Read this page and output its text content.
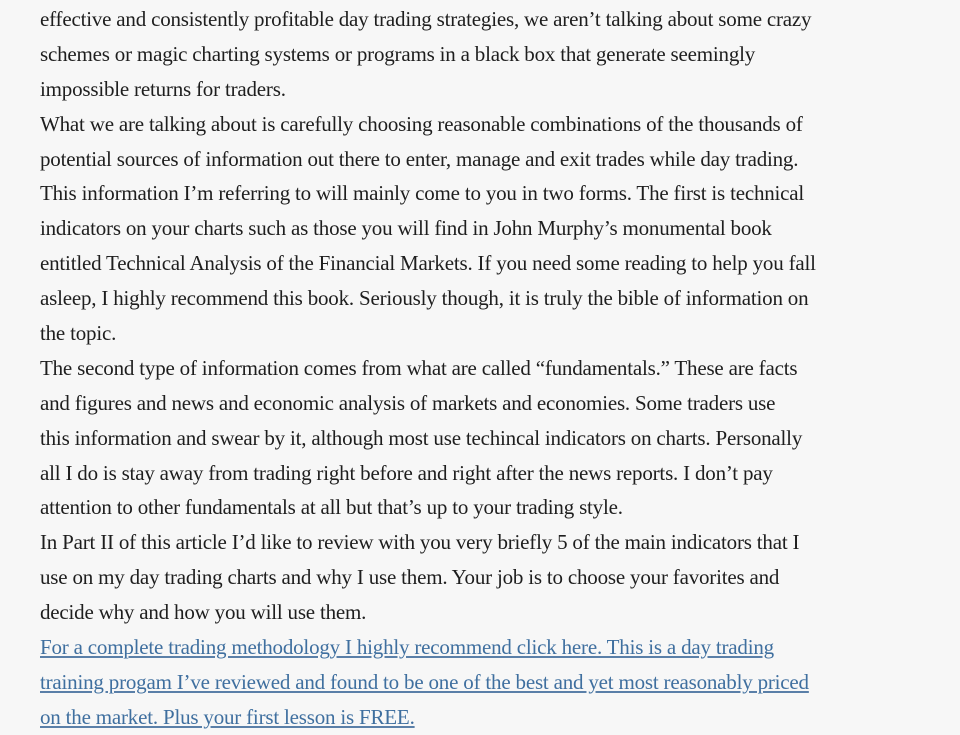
effective and consistently profitable day trading strategies, we aren’t talking about some crazy
schemes or magic charting systems or programs in a black box that generate seemingly
impossible returns for traders.
What we are talking about is carefully choosing reasonable combinations of the thousands of
potential sources of information out there to enter, manage and exit trades while day trading.
This information I’m referring to will mainly come to you in two forms. The first is technical
indicators on your charts such as those you will find in John Murphy’s monumental book
entitled Technical Analysis of the Financial Markets. If you need some reading to help you fall
asleep, I highly recommend this book. Seriously though, it is truly the bible of information on
the topic.
The second type of information comes from what are called “fundamentals.” These are facts
and figures and news and economic analysis of markets and economies. Some traders use
this information and swear by it, although most use techincal indicators on charts. Personally
all I do is stay away from trading right before and right after the news reports. I don’t pay
attention to other fundamentals at all but that’s up to your trading style.
In Part II of this article I’d like to review with you very briefly 5 of the main indicators that I
use on my day trading charts and why I use them. Your job is to choose your favorites and
decide why and how you will use them.
For a complete trading methodology I highly recommend click here. This is a day trading
training progam I’ve reviewed and found to be one of the best and yet most reasonably priced
on the market. Plus your first lesson is FREE.
